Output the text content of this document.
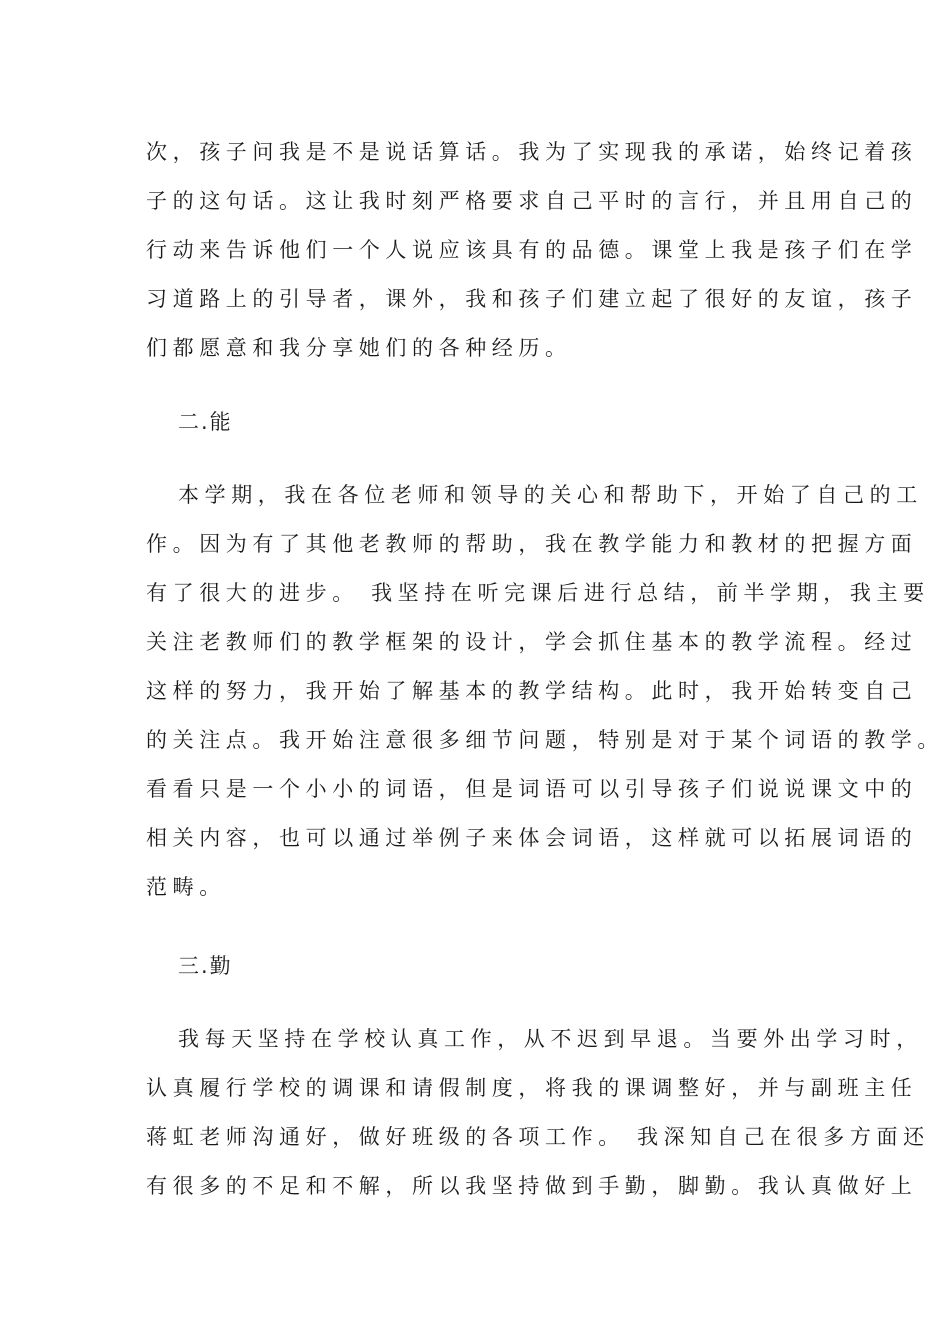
次，孩子问我是不是说话算话。我为了实现我的承诺，始终记着孩
子的这句话。这让我时刻严格要求自己平时的言行，并且用自己的
行动来告诉他们一个人说应该具有的品德。课堂上我是孩子们在学
习道路上的引导者，课外，我和孩子们建立起了很好的友谊，孩子
们都愿意和我分享她们的各种经历。
二.能
本学期，我在各位老师和领导的关心和帮助下，开始了自己的工
作。因为有了其他老教师的帮助，我在教学能力和教材的把握方面
有了很大的进步。 我坚持在听完课后进行总结，前半学期，我主要
关注老教师们的教学框架的设计，学会抓住基本的教学流程。经过
这样的努力，我开始了解基本的教学结构。此时，我开始转变自己
的关注点。我开始注意很多细节问题，特别是对于某个词语的教学。
看看只是一个小小的词语，但是词语可以引导孩子们说说课文中的
相关内容，也可以通过举例子来体会词语，这样就可以拓展词语的
范畴。
三.勤
我每天坚持在学校认真工作，从不迟到早退。当要外出学习时，
认真履行学校的调课和请假制度，将我的课调整好，并与副班主任
蒋虹老师沟通好，做好班级的各项工作。 我深知自己在很多方面还
有很多的不足和不解，所以我坚持做到手勤，脚勤。我认真做好上
